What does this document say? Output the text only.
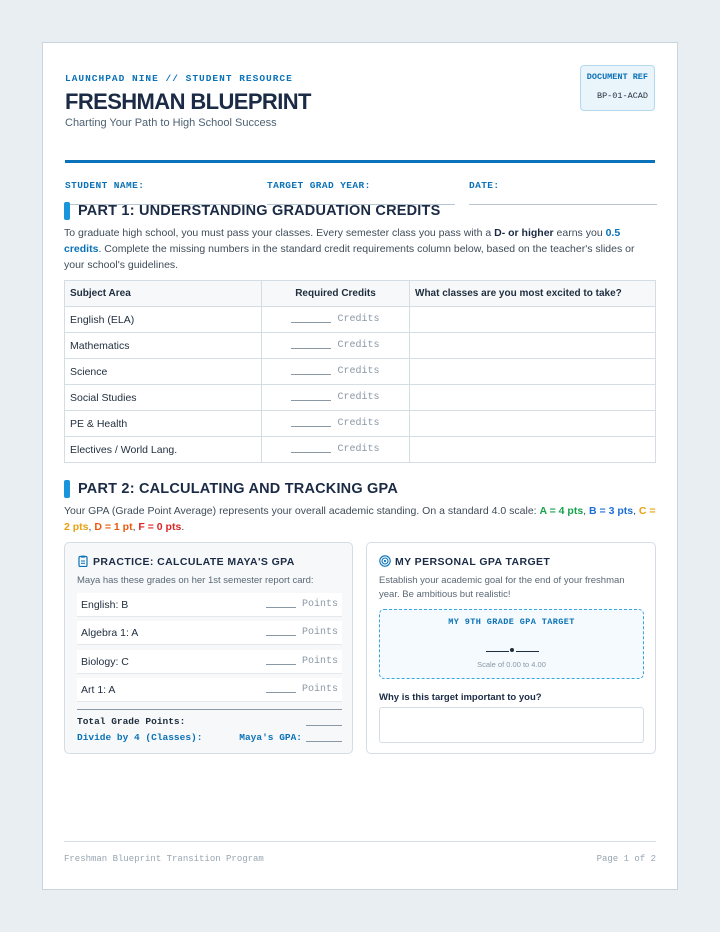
LAUNCHPAD NINE // STUDENT RESOURCE
FRESHMAN BLUEPRINT
Charting Your Path to High School Success
DOCUMENT REF
BP-01-ACAD
STUDENT NAME:	TARGET GRAD YEAR:	DATE:
PART 1: UNDERSTANDING GRADUATION CREDITS

To graduate high school, you must pass your classes. Every semester class you pass with a D- or higher earns you 0.5 credits. Complete the missing numbers in the standard credit requirements column below, based on the teacher's slides or your school's guidelines.

Subject Area	Required Credits	What classes are you most excited to take?
English (ELA)	Credits	
Mathematics	Credits	
Science	Credits	
Social Studies	Credits	
PE & Health	Credits	
Electives / World Lang.	Credits	
PART 2: CALCULATING AND TRACKING GPA

Your GPA (Grade Point Average) represents your overall academic standing. On a standard 4.0 scale: A = 4 pts, B = 3 pts, C = 2 pts, D = 1 pt, F = 0 pts.

PRACTICE: CALCULATE MAYA'S GPA
Maya has these grades on her 1st semester report card:
English: B	Points
Algebra 1: A	Points
Biology: C	Points
Art 1: A	Points
Total Grade Points:
Divide by 4 (Classes):	Maya's GPA:
MY PERSONAL GPA TARGET
Establish your academic goal for the end of your freshman year. Be ambitious but realistic!
MY 9TH GRADE GPA TARGET
Scale of 0.00 to 4.00
Why is this target important to you?
Freshman Blueprint Transition Program	Page 1 of 2
